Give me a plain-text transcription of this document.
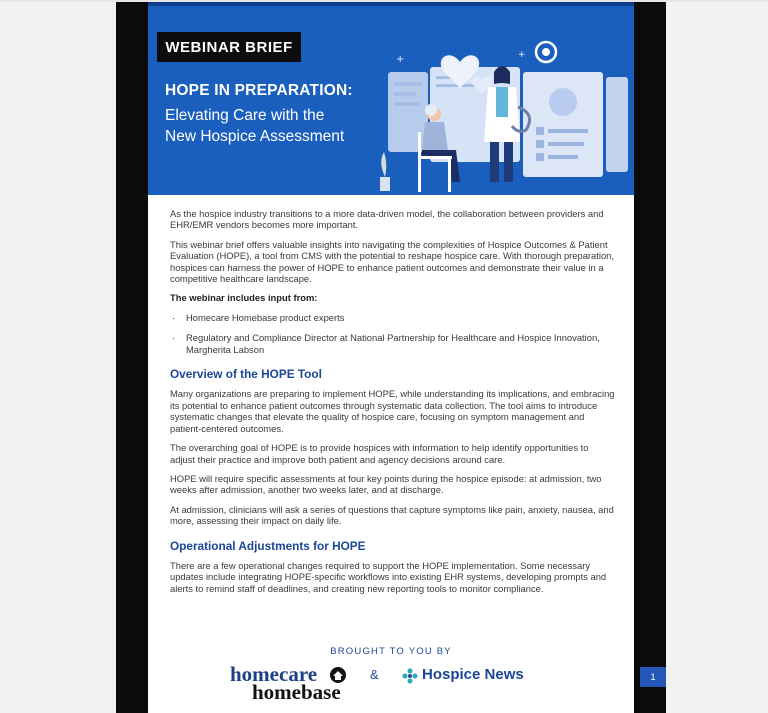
WEBINAR BRIEF
HOPE IN PREPARATION:
Elevating Care with the
New Hospice Assessment
+	+

As the hospice industry transitions to a more data-driven model, the collaboration between providers and EHR/EMR vendors becomes more important.

This webinar brief offers valuable insights into navigating the complexities of Hospice Outcomes & Patient Evaluation (HOPE), a tool from CMS with the potential to reshape hospice care. With thorough preparation, hospices can harness the power of HOPE to enhance patient outcomes and demonstrate their value in a competitive healthcare landscape.

The webinar includes input from:
· Homecare Homebase product experts
· Regulatory and Compliance Director at National Partnership for Healthcare and Hospice Innovation, Margherita Labson
Overview of the HOPE Tool

Many organizations are preparing to implement HOPE, while understanding its implications, and embracing its potential to enhance patient outcomes through systematic data collection. The tool aims to introduce systematic changes that elevate the quality of hospice care, focusing on symptom management and patient-centered outcomes.

The overarching goal of HOPE is to provide hospices with information to help identify opportunities to adjust their practice and improve both patient and agency decisions around care.

HOPE will require specific assessments at four key points during the hospice episode: at admission, two weeks after admission, another two weeks later, and at discharge.

At admission, clinicians will ask a series of questions that capture symptoms like pain, anxiety, nausea, and more, assessing their impact on daily life.

Operational Adjustments for HOPE

There are a few operational changes required to support the HOPE implementation. Some necessary updates include integrating HOPE-specific workflows into existing EHR systems, developing prompts and alerts to remind staff of deadlines, and creating new reporting tools to monitor compliance.

BROUGHT TO YOU BY
homecare
homebase
&	Hospice News	1
